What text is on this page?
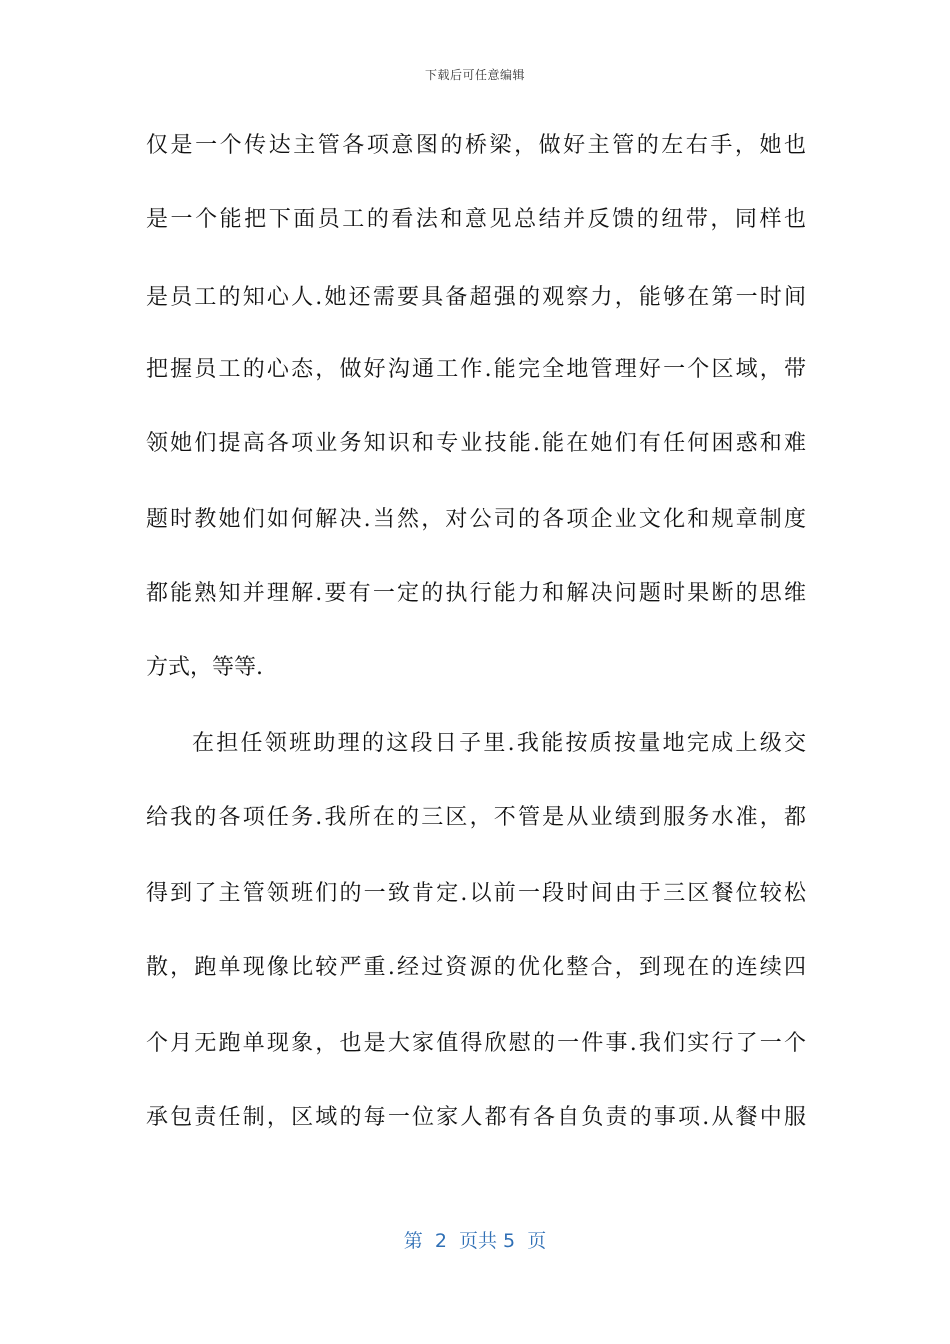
下载后可任意编辑
仅是一个传达主管各项意图的桥梁，做好主管的左右手，她也
是一个能把下面员工的看法和意见总结并反馈的纽带，同样也
是员工的知心人.她还需要具备超强的观察力，能够在第一时间
把握员工的心态，做好沟通工作.能完全地管理好一个区域，带
领她们提高各项业务知识和专业技能.能在她们有任何困惑和难
题时教她们如何解决.当然，对公司的各项企业文化和规章制度
都能熟知并理解.要有一定的执行能力和解决问题时果断的思维
方式，等等.
在担任领班助理的这段日子里.我能按质按量地完成上级交
给我的各项任务.我所在的三区，不管是从业绩到服务水准，都
得到了主管领班们的一致肯定.以前一段时间由于三区餐位较松
散，跑单现像比较严重.经过资源的优化整合，到现在的连续四
个月无跑单现象，也是大家值得欣慰的一件事.我们实行了一个
承包责任制，区域的每一位家人都有各自负责的事项.从餐中服
第  2  页共 5  页
